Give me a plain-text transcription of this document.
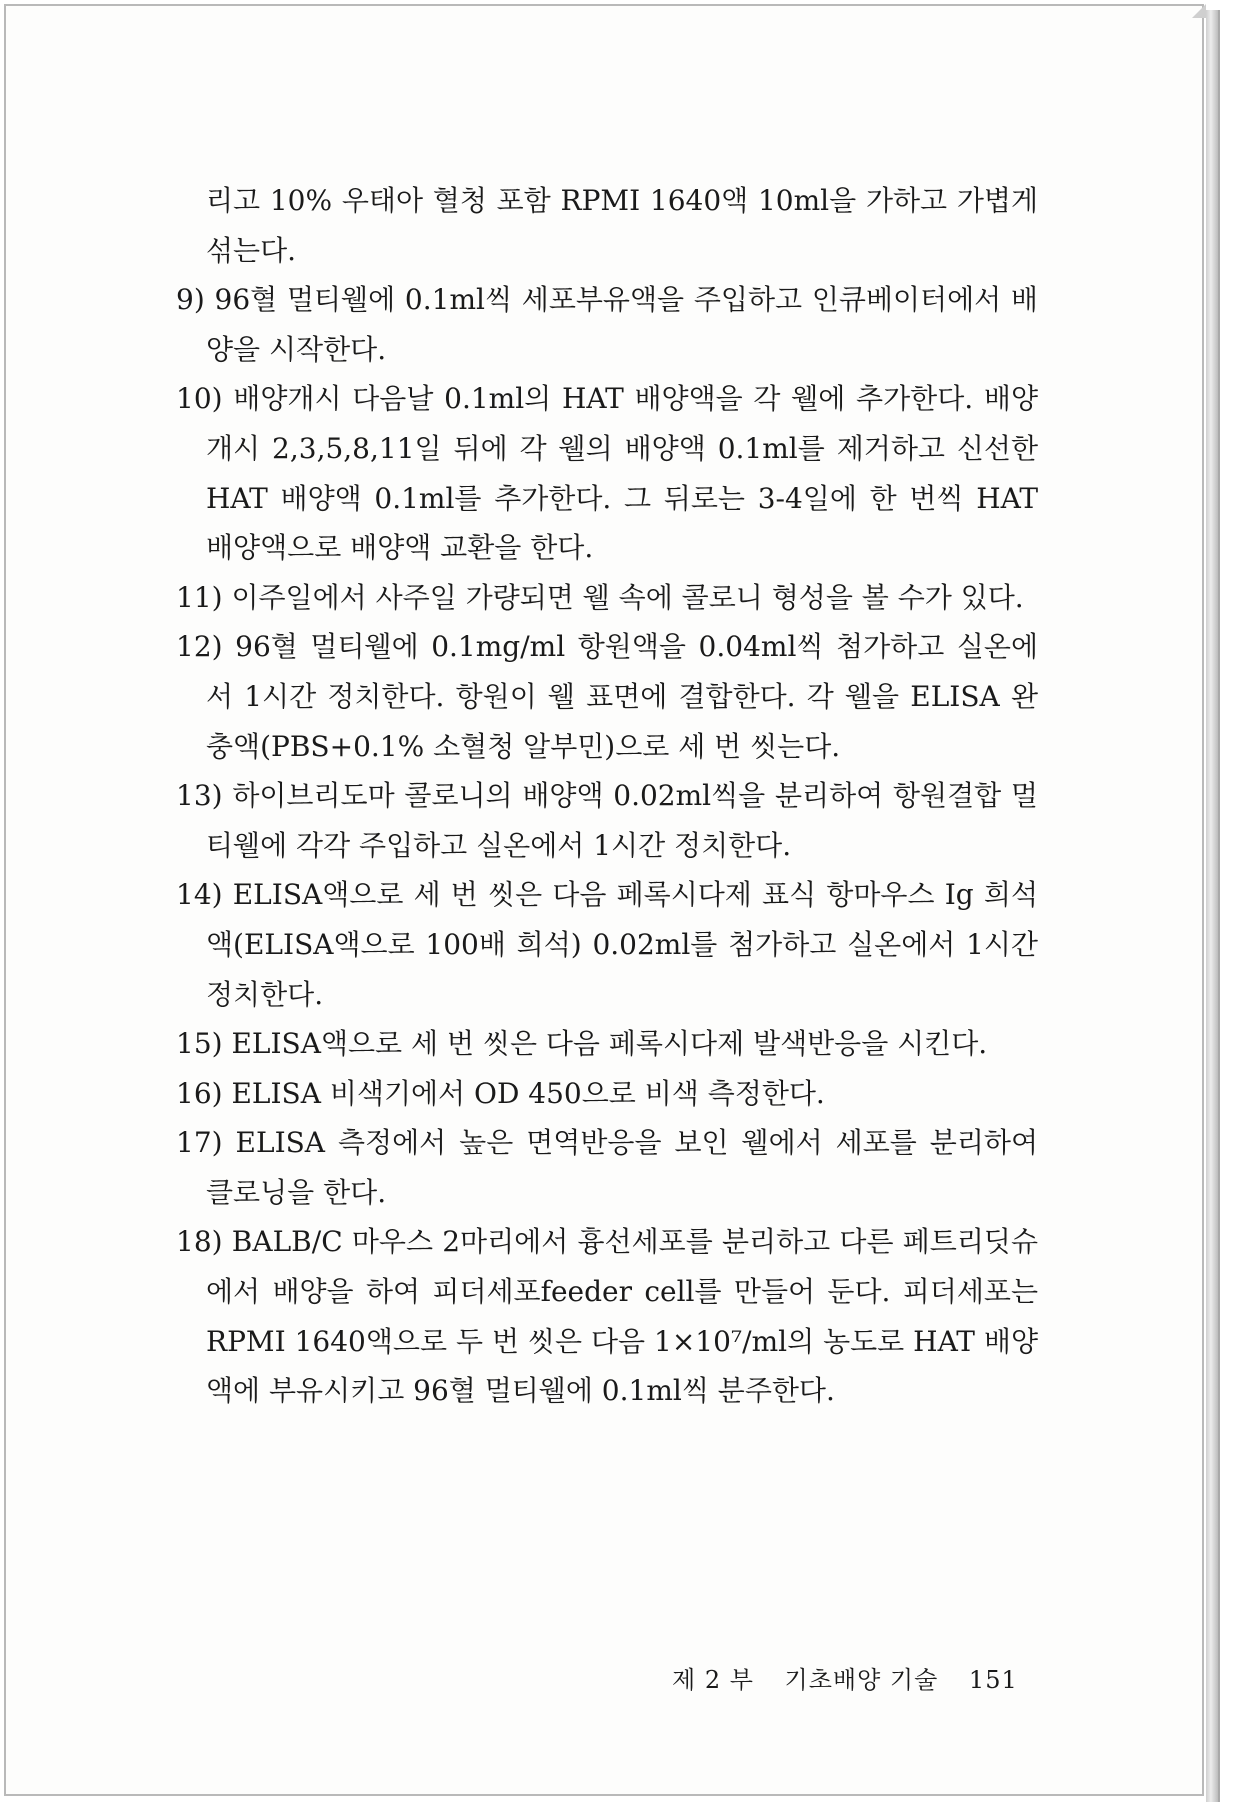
리고 10% 우태아 혈청 포함 RPMI 1640액 10ml을 가하고 가볍게 섞는다.
9) 96혈 멀티웰에 0.1ml씩 세포부유액을 주입하고 인큐베이터에서 배양을 시작한다.
10) 배양개시 다음날 0.1ml의 HAT 배양액을 각 웰에 추가한다. 배양 개시 2,3,5,8,11일 뒤에 각 웰의 배양액 0.1ml를 제거하고 신선한 HAT 배양액 0.1ml를 추가한다. 그 뒤로는 3-4일에 한 번씩 HAT 배양액으로 배양액 교환을 한다.
11) 이주일에서 사주일 가량되면 웰 속에 콜로니 형성을 볼 수가 있다.
12) 96혈 멀티웰에 0.1mg/ml 항원액을 0.04ml씩 첨가하고 실온에서 1시간 정치한다. 항원이 웰 표면에 결합한다. 각 웰을 ELISA 완충액(PBS+0.1% 소혈청 알부민)으로 세 번 씻는다.
13) 하이브리도마 콜로니의 배양액 0.02ml씩을 분리하여 항원결합 멀티웰에 각각 주입하고 실온에서 1시간 정치한다.
14) ELISA액으로 세 번 씻은 다음 페록시다제 표식 항마우스 Ig 희석액(ELISA액으로 100배 희석) 0.02ml를 첨가하고 실온에서 1시간 정치한다.
15) ELISA액으로 세 번 씻은 다음 페록시다제 발색반응을 시킨다.
16) ELISA 비색기에서 OD 450으로 비색 측정한다.
17) ELISA 측정에서 높은 면역반응을 보인 웰에서 세포를 분리하여 클로닝을 한다.
18) BALB/C 마우스 2마리에서 흉선세포를 분리하고 다른 페트리딧슈에서 배양을 하여 피더세포feeder cell를 만들어 둔다. 피더세포는 RPMI 1640액으로 두 번 씻은 다음 1×10⁷/ml의 농도로 HAT 배양액에 부유시키고 96혈 멀티웰에 0.1ml씩 분주한다.
제 2 부 기초배양 기술 151
